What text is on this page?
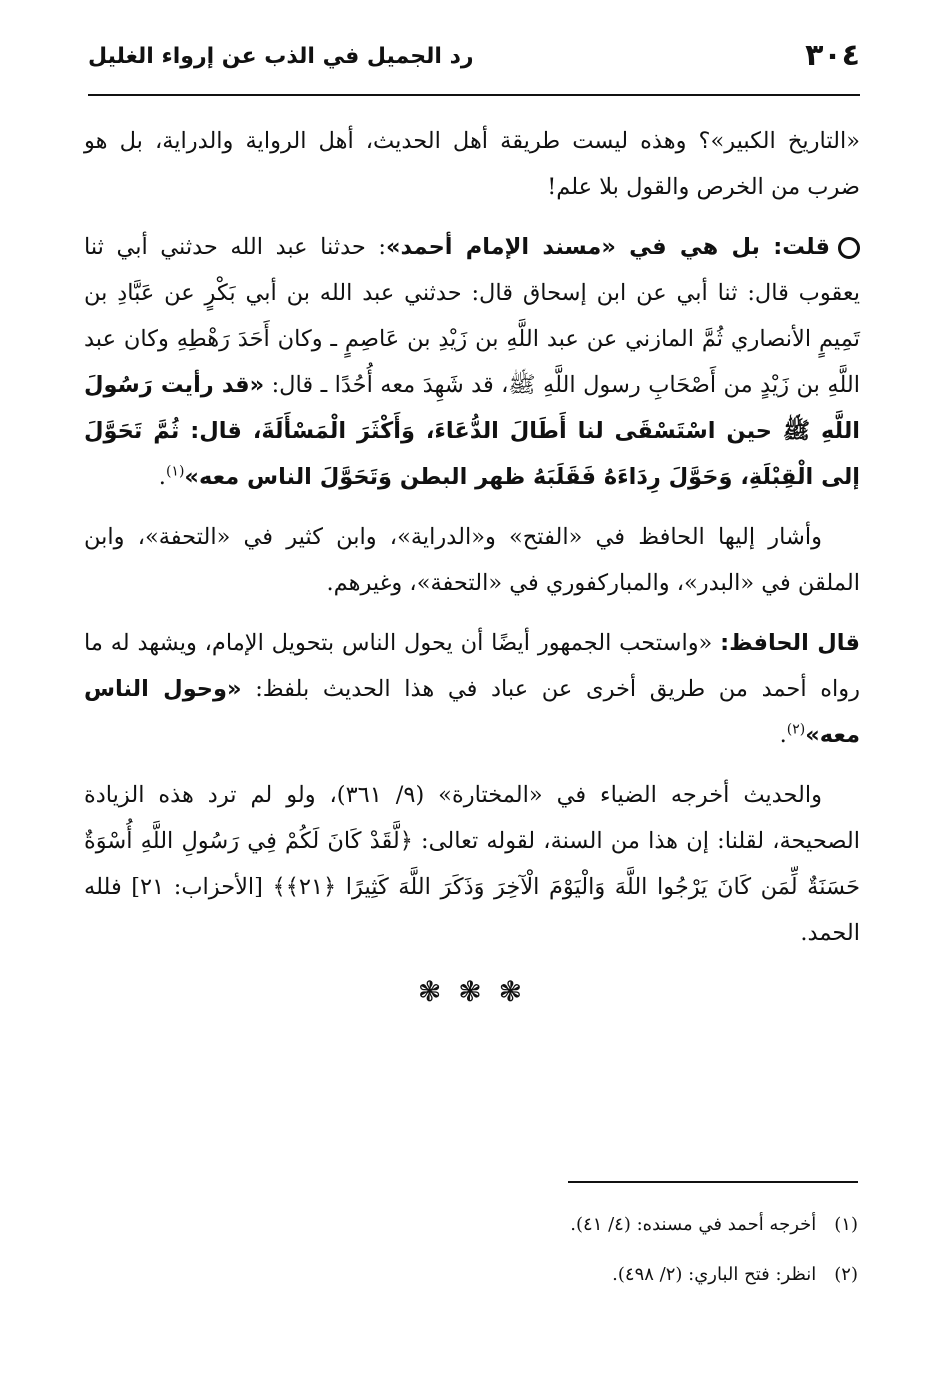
٣٠٤
رد الجميل في الذب عن إرواء الغليل

«التاريخ الكبير»؟ وهذه ليست طريقة أهل الحديث، أهل الرواية والدراية، بل هو ضرب من الخرص والقول بلا علم!

قلت: بل هي في «مسند الإمام أحمد»: حدثنا عبد الله حدثني أبي ثنا يعقوب قال: ثنا أبي عن ابن إسحاق قال: حدثني عبد الله بن أبي بَكْرٍ عن عَبَّادِ بن تَمِيمٍ الأنصاري ثُمَّ المازني عن عبد اللَّهِ بن زَيْدِ بن عَاصِمٍ ـ وكان أَحَدَ رَهْطِهِ وكان عبد اللَّهِ بن زَيْدٍ من أَصْحَابِ رسول اللَّهِ ﷺ، قد شَهِدَ معه أُحُدًا ـ قال: «قد رأيت رَسُولَ اللَّهِ ﷺ حين اسْتَسْقَى لنا أَطَالَ الدُّعَاءَ، وَأَكْثَرَ الْمَسْأَلَةَ، قال: ثُمَّ تَحَوَّلَ إلى الْقِبْلَةِ، وَحَوَّلَ رِدَاءَهُ فَقَلَبَهُ ظهر البطن وَتَحَوَّلَ الناس معه»$^{(١)}$.

وأشار إليها الحافظ في «الفتح» و«الدراية»، وابن كثير في «التحفة»، وابن الملقن في «البدر»، والمباركفوري في «التحفة»، وغيرهم.

قال الحافظ: «واستحب الجمهور أيضًا أن يحول الناس بتحويل الإمام، ويشهد له ما رواه أحمد من طريق أخرى عن عباد في هذا الحديث بلفظ: «وحول الناس معه»$^{(٢)}$.

والحديث أخرجه الضياء في «المختارة» (٩/ ٣٦١)، ولو لم ترد هذه الزيادة الصحيحة، لقلنا: إن هذا من السنة، لقوله تعالى: ﴿لَّقَدْ كَانَ لَكُمْ فِي رَسُولِ اللَّهِ أُسْوَةٌ حَسَنَةٌ لِّمَن كَانَ يَرْجُوا اللَّهَ وَالْيَوْمَ الْآخِرَ وَذَكَرَ اللَّهَ كَثِيرًا ﴿٢١﴾﴾ [الأحزاب: ٢١] فلله الحمد.

❃ ❃ ❃
(١)أخرجه أحمد في مسنده: (٤/ ٤١).
(٢)انظر: فتح الباري: (٢/ ٤٩٨).
